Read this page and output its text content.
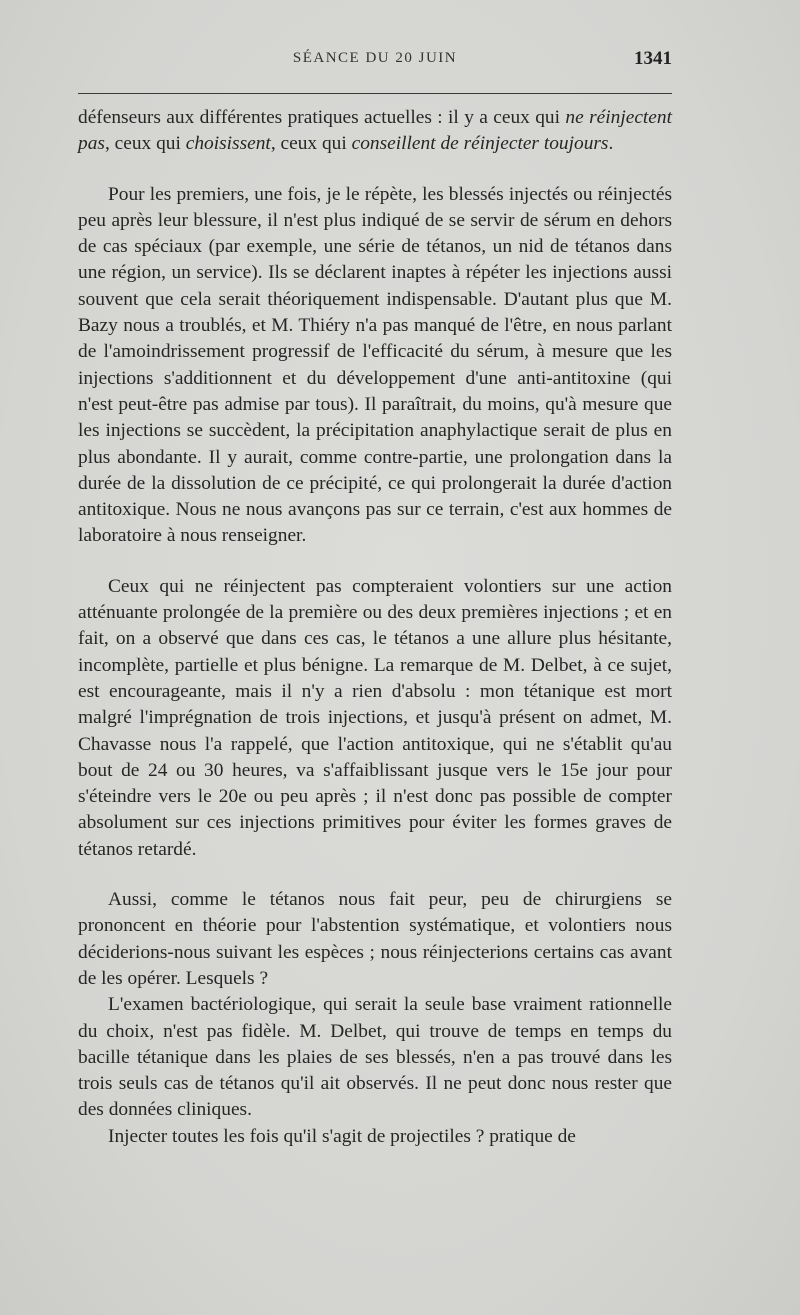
SÉANCE DU 20 JUIN	1341

défenseurs aux différentes pratiques actuelles : il y a ceux qui ne réinjectent pas, ceux qui choisissent, ceux qui conseillent de réinjecter toujours.

Pour les premiers, une fois, je le répète, les blessés injectés ou réinjectés peu après leur blessure, il n'est plus indiqué de se servir de sérum en dehors de cas spéciaux (par exemple, une série de tétanos, un nid de tétanos dans une région, un service). Ils se déclarent inaptes à répéter les injections aussi souvent que cela serait théoriquement indispensable. D'autant plus que M. Bazy nous a troublés, et M. Thiéry n'a pas manqué de l'être, en nous parlant de l'amoindrissement progressif de l'efficacité du sérum, à mesure que les injections s'additionnent et du développement d'une anti-antitoxine (qui n'est peut-être pas admise par tous). Il paraîtrait, du moins, qu'à mesure que les injections se succèdent, la précipitation anaphylactique serait de plus en plus abondante. Il y aurait, comme contre-partie, une prolongation dans la durée de la dissolution de ce précipité, ce qui prolongerait la durée d'action antitoxique. Nous ne nous avançons pas sur ce terrain, c'est aux hommes de laboratoire à nous renseigner.

Ceux qui ne réinjectent pas compteraient volontiers sur une action atténuante prolongée de la première ou des deux premières injections ; et en fait, on a observé que dans ces cas, le tétanos a une allure plus hésitante, incomplète, partielle et plus bénigne. La remarque de M. Delbet, à ce sujet, est encourageante, mais il n'y a rien d'absolu : mon tétanique est mort malgré l'imprégnation de trois injections, et jusqu'à présent on admet, M. Chavasse nous l'a rappelé, que l'action antitoxique, qui ne s'établit qu'au bout de 24 ou 30 heures, va s'affaiblissant jusque vers le 15e jour pour s'éteindre vers le 20e ou peu après ; il n'est donc pas possible de compter absolument sur ces injections primitives pour éviter les formes graves de tétanos retardé.

Aussi, comme le tétanos nous fait peur, peu de chirurgiens se prononcent en théorie pour l'abstention systématique, et volontiers nous déciderions-nous suivant les espèces ; nous réinjecterions certains cas avant de les opérer. Lesquels ?

L'examen bactériologique, qui serait la seule base vraiment rationnelle du choix, n'est pas fidèle. M. Delbet, qui trouve de temps en temps du bacille tétanique dans les plaies de ses blessés, n'en a pas trouvé dans les trois seuls cas de tétanos qu'il ait observés. Il ne peut donc nous rester que des données cliniques.

Injecter toutes les fois qu'il s'agit de projectiles ? pratique de
